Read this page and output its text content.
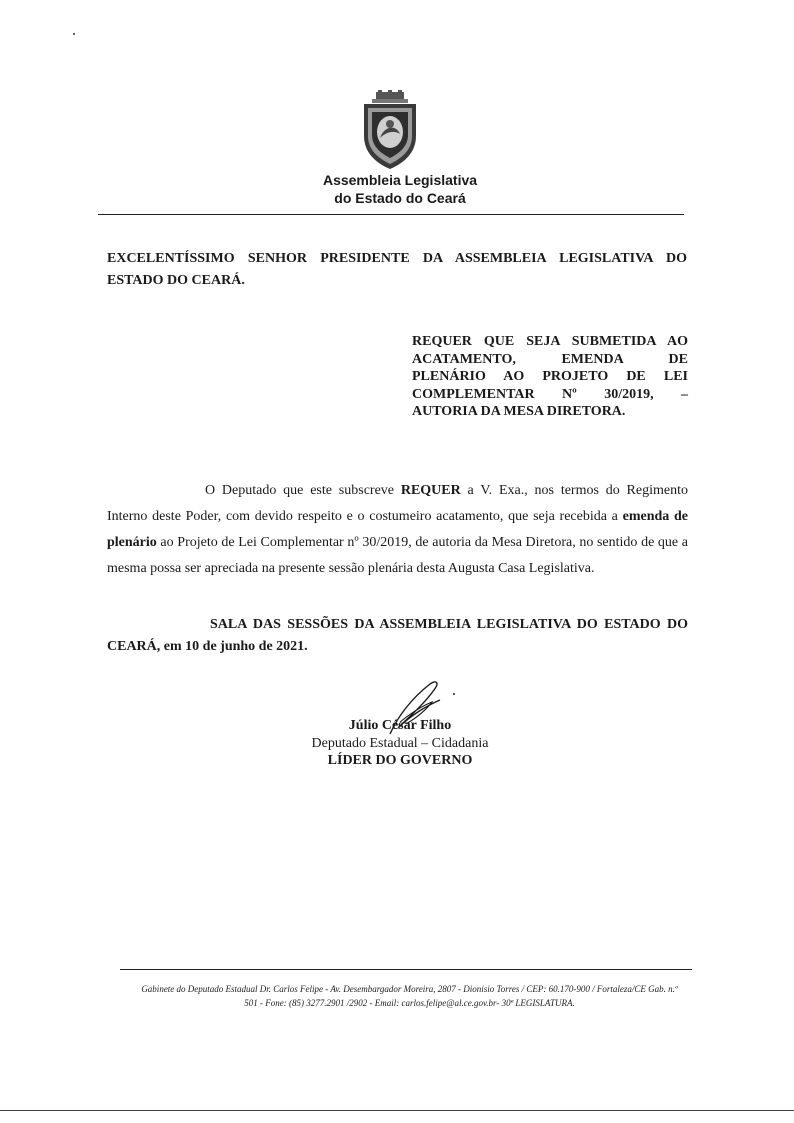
Assembleia Legislativa
do Estado do Ceará
EXCELENTÍSSIMO SENHOR PRESIDENTE DA ASSEMBLEIA LEGISLATIVA DO ESTADO DO CEARÁ.
REQUER QUE SEJA SUBMETIDA AO
ACATAMENTO, EMENDA DE
PLENÁRIO AO PROJETO DE LEI
COMPLEMENTAR Nº 30/2019, –
AUTORIA DA MESA DIRETORA.
O Deputado que este subscreve REQUER a V. Exa., nos termos do Regimento Interno deste Poder, com devido respeito e o costumeiro acatamento, que seja recebida a emenda de plenário ao Projeto de Lei Complementar nº 30/2019, de autoria da Mesa Diretora, no sentido de que a mesma possa ser apreciada na presente sessão plenária desta Augusta Casa Legislativa.
SALA DAS SESSÕES DA ASSEMBLEIA LEGISLATIVA DO ESTADO DO CEARÁ, em 10 de junho de 2021.
Júlio César Filho
Deputado Estadual – Cidadania
LÍDER DO GOVERNO
Gabinete do Deputado Estadual Dr. Carlos Felipe - Av. Desembargador Moreira, 2807 - Dionísio Torres / CEP: 60.170-900 / Fortaleza/CE Gab. n.º
501 - Fone: (85) 3277.2901 /2902 - Email: carlos.felipe@al.ce.gov.br- 30ª LEGISLATURA.
